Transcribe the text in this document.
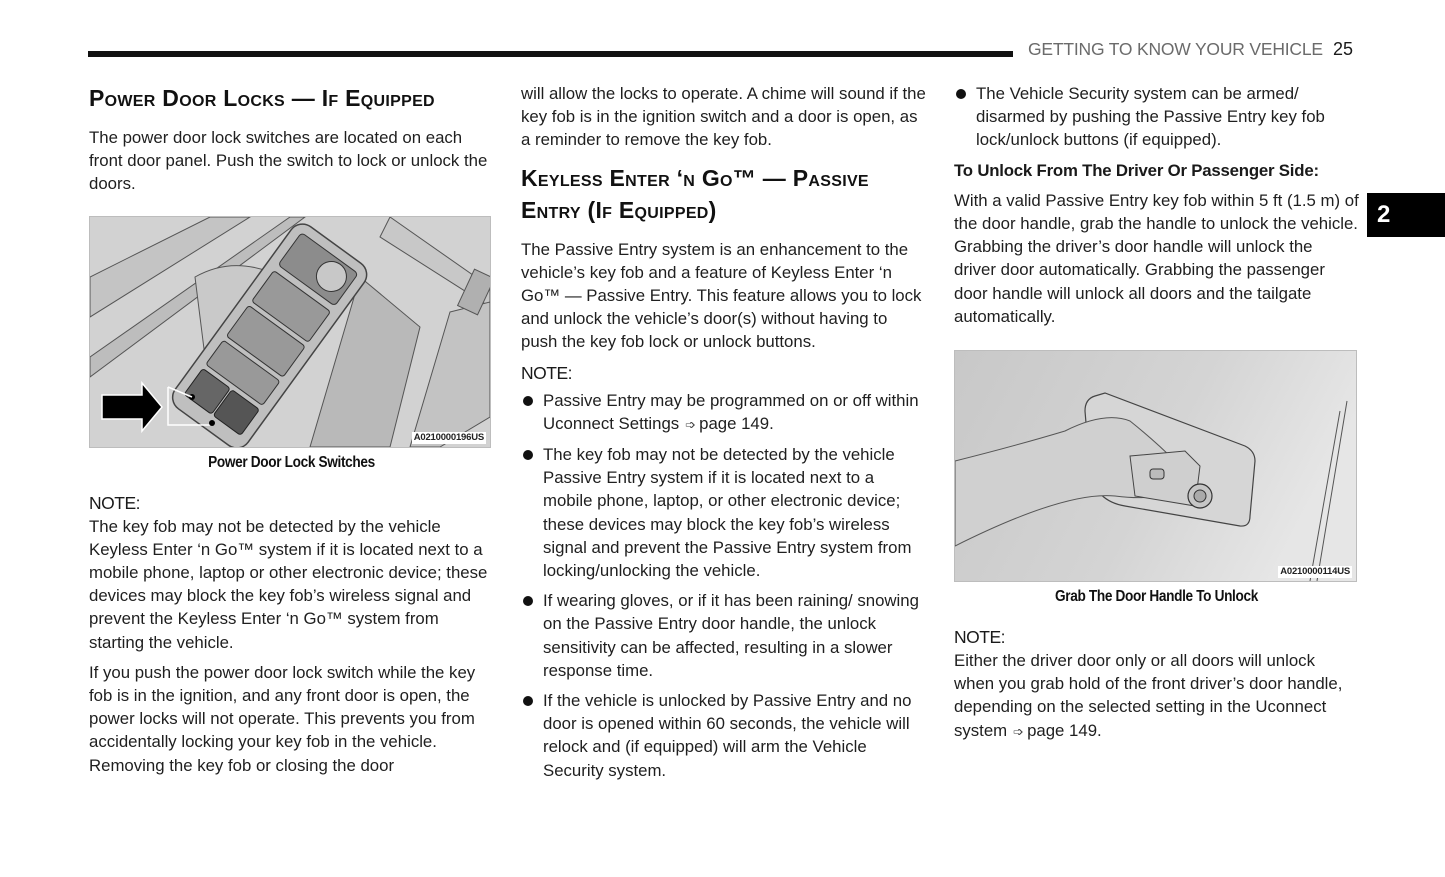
GETTING TO KNOW YOUR VEHICLE 25
2
Power Door Locks — If Equipped

The power door lock switches are located on each front door panel. Push the switch to lock or unlock the doors.

A0210000196US
Power Door Lock Switches
NOTE:

The key fob may not be detected by the vehicle Keyless Enter ‘n Go™ system if it is located next to a mobile phone, laptop or other electronic device; these devices may block the key fob’s wireless signal and prevent the Keyless Enter ‘n Go™ system from starting the vehicle.

If you push the power door lock switch while the key fob is in the ignition, and any front door is open, the power locks will not operate. This prevents you from accidentally locking your key fob in the vehicle. Removing the key fob or closing the door

will allow the locks to operate. A chime will sound if the key fob is in the ignition switch and a door is open, as a reminder to remove the key fob.

Keyless Enter ‘n Go™ — Passive Entry (If Equipped)

The Passive Entry system is an enhancement to the vehicle’s key fob and a feature of Keyless Enter ‘n Go™ — Passive Entry. This feature allows you to lock and unlock the vehicle’s door(s) without having to push the key fob lock or unlock buttons.

NOTE:
Passive Entry may be programmed on or off within Uconnect Settings ➩ page 149.
The key fob may not be detected by the vehicle Passive Entry system if it is located next to a mobile phone, laptop, or other electronic device; these devices may block the key fob’s wireless signal and prevent the Passive Entry system from locking/unlocking the vehicle.
If wearing gloves, or if it has been raining/ snowing on the Passive Entry door handle, the unlock sensitivity can be affected, resulting in a slower response time.
If the vehicle is unlocked by Passive Entry and no door is opened within 60 seconds, the vehicle will relock and (if equipped) will arm the Vehicle Security system.
The Vehicle Security system can be armed/ disarmed by pushing the Passive Entry key fob lock/unlock buttons (if equipped).
To Unlock From The Driver Or Passenger Side:

With a valid Passive Entry key fob within 5 ft (1.5 m) of the door handle, grab the handle to unlock the vehicle. Grabbing the driver’s door handle will unlock the driver door automatically. Grabbing the passenger door handle will unlock all doors and the tailgate automatically.

A0210000114US
Grab The Door Handle To Unlock
NOTE:

Either the driver door only or all doors will unlock when you grab hold of the front driver’s door handle, depending on the selected setting in the Uconnect system ➩ page 149.
